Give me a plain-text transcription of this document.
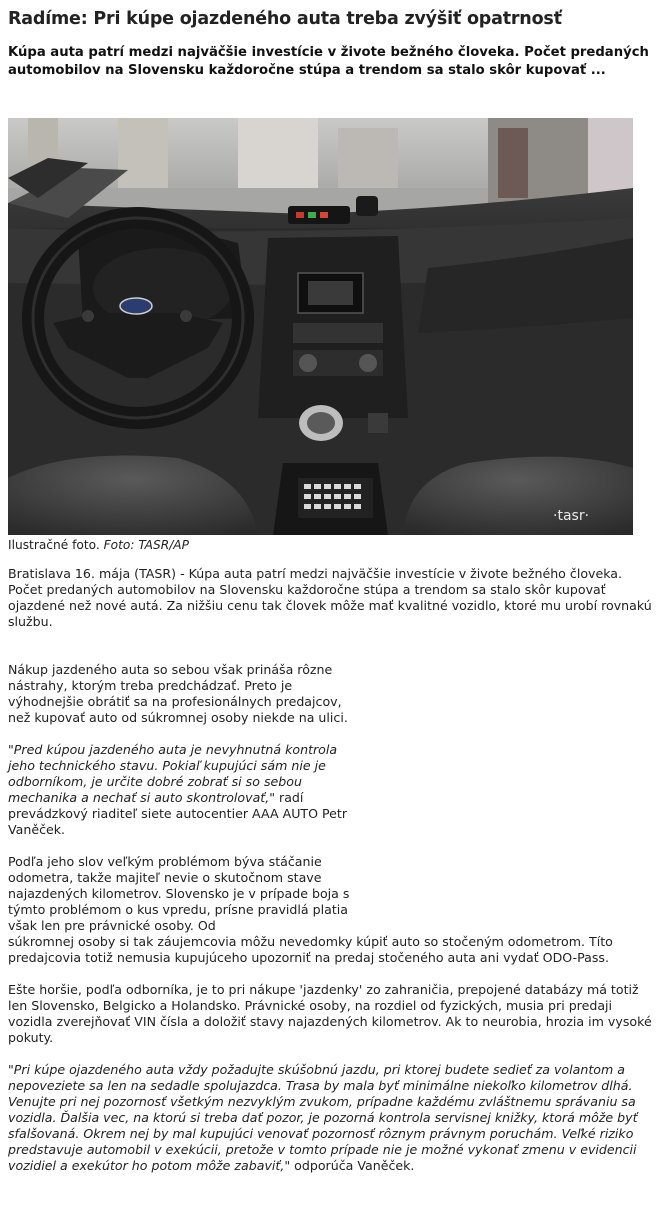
Radíme: Pri kúpe ojazdeného auta treba zvýšiť opatrnosť
Kúpa auta patrí medzi najväčšie investície v živote bežného človeka. Počet predaných automobilov na Slovensku každoročne stúpa a trendom sa stalo skôr kupovať ...
·tasr·
Ilustračné foto. Foto: TASR/AP

Bratislava 16. mája (TASR) - Kúpa auta patrí medzi najväčšie investície v živote bežného človeka. Počet predaných automobilov na Slovensku každoročne stúpa a trendom sa stalo skôr kupovať ojazdené než nové autá. Za nižšiu cenu tak človek môže mať kvalitné vozidlo, ktoré mu urobí rovnakú službu.

Nákup jazdeného auta so sebou však prináša rôzne nástrahy, ktorým treba predchádzať. Preto je výhodnejšie obrátiť sa na profesionálnych predajcov, než kupovať auto od súkromnej osoby niekde na ulici.

"Pred kúpou jazdeného auta je nevyhnutná kontrola jeho technického stavu. Pokiaľ kupujúci sám nie je odborníkom, je určite dobré zobrať si so sebou mechanika a nechať si auto skontrolovať," radí prevádzkový riaditeľ siete autocentier AAA AUTO Petr Vaněček.

Podľa jeho slov veľkým problémom býva stáčanie odometra, takže majiteľ nevie o skutočnom stave najazdených kilometrov. Slovensko je v prípade boja s týmto problémom o kus vpredu, prísne pravidlá platia však len pre právnické osoby. Od

súkromnej osoby si tak záujemcovia môžu nevedomky kúpiť auto so stočeným odometrom. Títo predajcovia totiž nemusia kupujúceho upozorniť na predaj stočeného auta ani vydať ODO-Pass.

Ešte horšie, podľa odborníka, je to pri nákupe 'jazdenky' zo zahraničia, prepojené databázy má totiž len Slovensko, Belgicko a Holandsko. Právnické osoby, na rozdiel od fyzických, musia pri predaji vozidla zverejňovať VIN čísla a doložiť stavy najazdených kilometrov. Ak to neurobia, hrozia im vysoké pokuty.

"Pri kúpe ojazdeného auta vždy požadujte skúšobnú jazdu, pri ktorej budete sedieť za volantom a nepoveziete sa len na sedadle spolujazdca. Trasa by mala byť minimálne niekoľko kilometrov dlhá. Venujte pri nej pozornosť všetkým nezvyklým zvukom, prípadne každému zvláštnemu správaniu sa vozidla. Ďalšia vec, na ktorú si treba dať pozor, je pozorná kontrola servisnej knižky, ktorá môže byť sfalšovaná. Okrem nej by mal kupujúci venovať pozornosť rôznym právnym poruchám. Veľké riziko predstavuje automobil v exekúcii, pretože v tomto prípade nie je možné vykonať zmenu v evidencii vozidiel a exekútor ho potom môže zabaviť," odporúča Vaněček.
